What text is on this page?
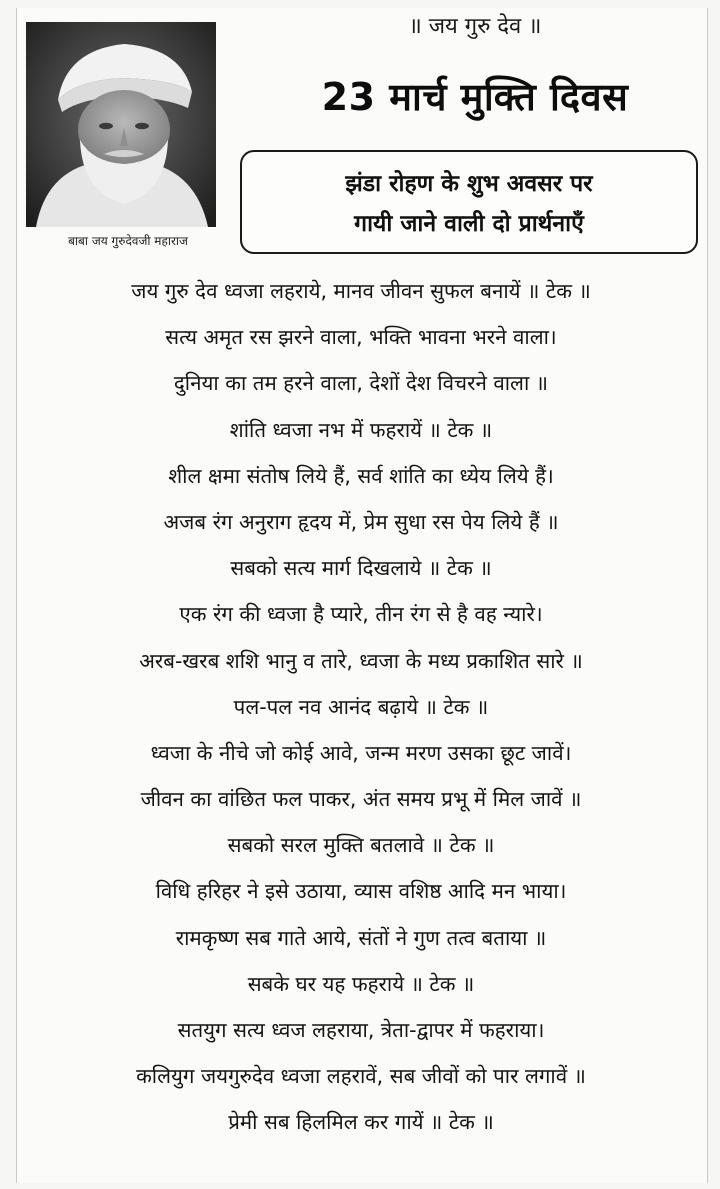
बाबा जय गुरुदेवजी महाराज
॥ जय गुरु देव ॥
23 मार्च मुक्ति दिवस
झंडा रोहण के शुभ अवसर पर
गायी जाने वाली दो प्रार्थनाएँ
जय गुरु देव ध्वजा लहराये, मानव जीवन सुफल बनायें ॥ टेक ॥
सत्य अमृत रस झरने वाला, भक्ति भावना भरने वाला।
दुनिया का तम हरने वाला, देशों देश विचरने वाला ॥
शांति ध्वजा नभ में फहरायें ॥ टेक ॥
शील क्षमा संतोष लिये हैं, सर्व शांति का ध्येय लिये हैं।
अजब रंग अनुराग हृदय में, प्रेम सुधा रस पेय लिये हैं ॥
सबको सत्य मार्ग दिखलाये ॥ टेक ॥
एक रंग की ध्वजा है प्यारे, तीन रंग से है वह न्यारे।
अरब-खरब शशि भानु व तारे, ध्वजा के मध्य प्रकाशित सारे ॥
पल-पल नव आनंद बढ़ाये ॥ टेक ॥
ध्वजा के नीचे जो कोई आवे, जन्म मरण उसका छूट जावें।
जीवन का वांछित फल पाकर, अंत समय प्रभू में मिल जावें ॥
सबको सरल मुक्ति बतलावे ॥ टेक ॥
विधि हरिहर ने इसे उठाया, व्यास वशिष्ठ आदि मन भाया।
रामकृष्ण सब गाते आये, संतों ने गुण तत्व बताया ॥
सबके घर यह फहराये ॥ टेक ॥
सतयुग सत्य ध्वज लहराया, त्रेता-द्वापर में फहराया।
कलियुग जयगुरुदेव ध्वजा लहरावें, सब जीवों को पार लगावें ॥
प्रेमी सब हिलमिल कर गायें ॥ टेक ॥
